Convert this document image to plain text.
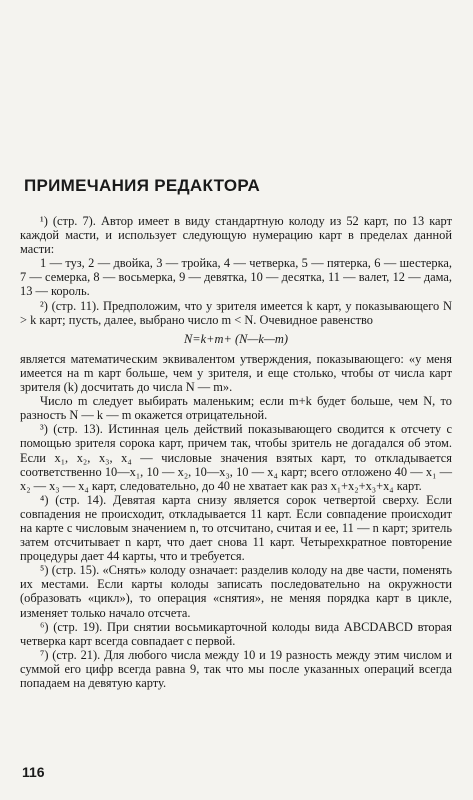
ПРИМЕЧАНИЯ РЕДАКТОРА

¹) (стр. 7). Автор имеет в виду стандартную колоду из 52 карт, по 13 карт каждой масти, и использует следующую нумерацию карт в пределах данной масти:

1 — туз, 2 — двойка, 3 — тройка, 4 — четверка, 5 — пятерка, 6 — шестерка, 7 — семерка, 8 — восьмерка, 9 — девятка, 10 — десятка, 11 — валет, 12 — дама, 13 — король.

²) (стр. 11). Предположим, что у зрителя имеется k карт, у показывающего N > k карт; пусть, далее, выбрано число m < N. Очевидное равенство

N=k+m+ (N—k—m)

является математическим эквивалентом утверждения, показывающего: «у меня имеется на m карт больше, чем у зрителя, и еще столько, чтобы от числа карт зрителя (k) досчитать до числа N — m».

Число m следует выбирать маленьким; если m+k будет больше, чем N, то разность N — k — m окажется отрицательной.

³) (стр. 13). Истинная цель действий показывающего сводится к отсчету с помощью зрителя сорока карт, причем так, чтобы зритель не догадался об этом. Если x₁, x₂, x₃, x₄ — числовые значения взятых карт, то откладывается соответственно 10—x₁, 10 — x₂, 10—x₃, 10 — x₄ карт; всего отложено 40 — x₁ — x₂ — x₃ — x₄ карт, следовательно, до 40 не хватает как раз x₁+x₂+x₃+x₄ карт.

⁴) (стр. 14). Девятая карта снизу является сорок четвертой сверху. Если совпадения не происходит, откладывается 11 карт. Если совпадение происходит на карте с числовым значением n, то отсчитано, считая и ее, 11 — n карт; зритель затем отсчитывает n карт, что дает снова 11 карт. Четырехкратное повторение процедуры дает 44 карты, что и требуется.

⁵) (стр. 15). «Снять» колоду означает: разделив колоду на две части, поменять их местами. Если карты колоды записать последовательно на окружности (образовать «цикл»), то операция «снятия», не меняя порядка карт в цикле, изменяет только начало отсчета.

⁶) (стр. 19). При снятии восьмикарточной колоды вида ABCDABCD вторая четверка карт всегда совпадает с первой.

⁷) (стр. 21). Для любого числа между 10 и 19 разность между этим числом и суммой его цифр всегда равна 9, так что мы после указанных операций всегда попадаем на девятую карту.

116
